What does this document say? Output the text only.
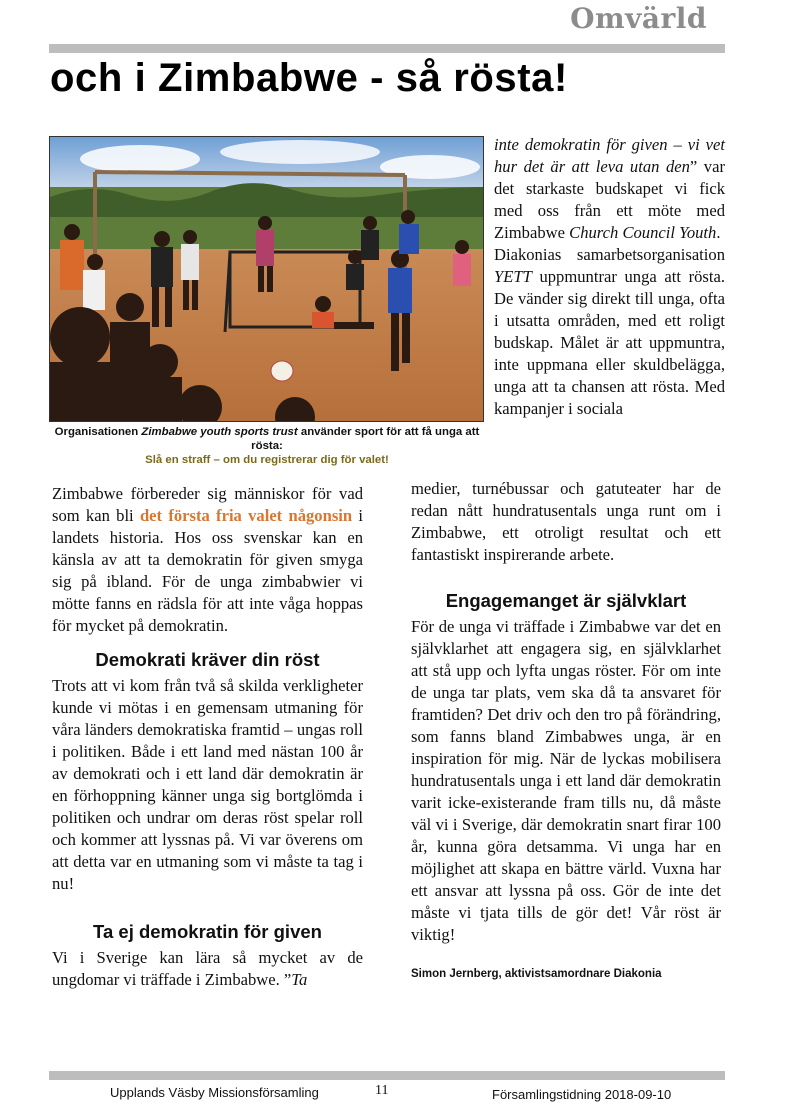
Omvärld
och i Zimbabwe - så rösta!
Organisationen Zimbabwe youth sports trust använder sport för att få unga att rösta:
Slå en straff – om du registrerar dig för valet!

inte demokratin för given – vi vet hur det är att leva utan den” var det starkaste budskapet vi fick med oss från ett möte med Zimbabwe Church Council Youth.

Diakonias samarbetsorganisation YETT uppmuntrar unga att rösta. De vänder sig direkt till unga, ofta i utsatta områden, med ett roligt budskap. Målet är att uppmuntra, inte uppmana eller skuldbelägga, unga att ta chansen att rösta. Med kampanjer i sociala

Zimbabwe förbereder sig människor för vad som kan bli det första fria valet någonsin i landets historia. Hos oss svenskar kan en känsla av att ta demokratin för given smyga sig på ibland. För de unga zimbabwier vi mötte fanns en rädsla för att inte våga hoppas för mycket på demokratin.

Demokrati kräver din röst

Trots att vi kom från två så skilda verkligheter kunde vi mötas i en gemensam utmaning för våra länders demokratiska framtid – ungas roll i politiken. Både i ett land med nästan 100 år av demokrati och i ett land där demokratin är en förhoppning känner unga sig bortglömda i politiken och undrar om deras röst spelar roll och kommer att lyssnas på. Vi var överens om att detta var en utmaning som vi måste ta tag i nu!

Ta ej demokratin för given

Vi i Sverige kan lära så mycket av de ungdomar vi träffade i Zimbabwe. ”Ta

medier, turnébussar och gatuteater har de redan nått hundratusentals unga runt om i Zimbabwe, ett otroligt resultat och ett fantastiskt inspirerande arbete.

Engagemanget är självklart

För de unga vi träffade i Zimbabwe var det en självklarhet att engagera sig, en självklarhet att stå upp och lyfta ungas röster. För om inte de unga tar plats, vem ska då ta ansvaret för framtiden? Det driv och den tro på förändring, som fanns bland Zimbabwes unga, är en inspiration för mig. När de lyckas mobilisera hundratusentals unga i ett land där demokratin varit icke-existerande fram tills nu, då måste väl vi i Sverige, där demokratin snart firar 100 år, kunna göra detsamma. Vi unga har en möjlighet att skapa en bättre värld. Vuxna har ett ansvar att lyssna på oss. Gör de inte det måste vi tjata tills de gör det! Vår röst är viktig!

Simon Jernberg, aktivistsamordnare Diakonia
Upplands Väsby Missionsförsamling	11	Församlingstidning 2018-09-10
